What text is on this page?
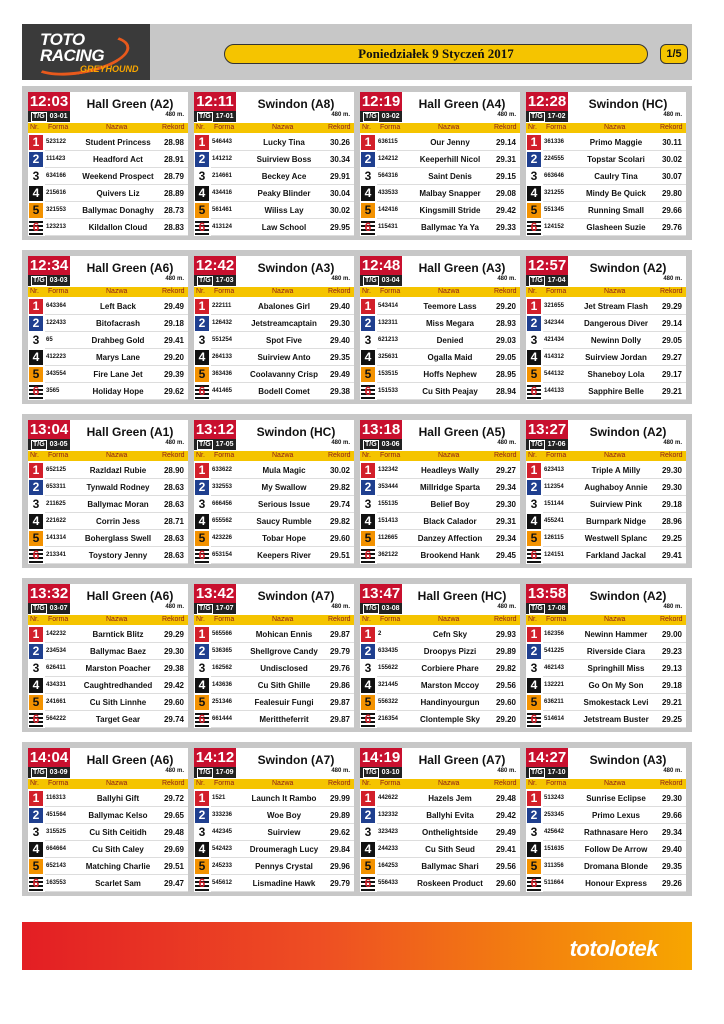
TOTO
RACING
GREYHOUND
Poniedziałek 9 Styczeń 2017	1/5
12:03
T/G 03-01
Hall Green (A2)
480 m.
Nr. Forma	Nazwa	Rekord
1	523122	Student Princess	28.98
2	111423	Headford Act	28.91
3	634166	Weekend Prospect	28.79
4	215616	Quivers Liz	28.89
5	321553	Ballymac Donaghy	28.73
6	123213	Kildallon Cloud	28.83
12:11
T/G 17-01
Swindon (A8)
480 m.
Nr. Forma	Nazwa	Rekord
1	546443	Lucky Tina	30.26
2	141212	Suirview Boss	30.34
3	214661	Beckey Ace	29.91
4	434416	Peaky Blinder	30.04
5	561461	Wiliss Lay	30.02
6	413124	Law School	29.95
12:19
T/G 03-02
Hall Green (A4)
480 m.
Nr. Forma	Nazwa	Rekord
1	636115	Our Jenny	29.14
2	124212	Keeperhill Nicol	29.31
3	564316	Saint Denis	29.15
4	433533	Malbay Snapper	29.08
5	142416	Kingsmill Stride	29.42
6	115431	Ballymac Ya Ya	29.33
12:28
T/G 17-02
Swindon (HC)
480 m.
Nr. Forma	Nazwa	Rekord
1	361336	Primo Maggie	30.11
2	224555	Topstar Scolari	30.02
3	663646	Caulry Tina	30.07
4	321255	Mindy Be Quick	29.80
5	551345	Running Small	29.66
6	124152	Glasheen Suzie	29.76
12:34
T/G 03-03
Hall Green (A6)
480 m.
Nr. Forma	Nazwa	Rekord
1	643364	Left Back	29.49
2	122433	Bitofacrash	29.18
3	65	Drahbeg Gold	29.41
4	412223	Marys Lane	29.20
5	343554	Fire Lane Jet	29.39
6	3565	Holiday Hope	29.62
12:42
T/G 17-03
Swindon (A3)
480 m.
Nr. Forma	Nazwa	Rekord
1	222111	Abalones Girl	29.40
2	126432	Jetstreamcaptain	29.30
3	551254	Spot Five	29.40
4	264133	Suirview Anto	29.35
5	363436	Coolavanny Crisp	29.49
6	441465	Bodell Comet	29.38
12:48
T/G 03-04
Hall Green (A3)
480 m.
Nr. Forma	Nazwa	Rekord
1	543414	Teemore Lass	29.20
2	132311	Miss Megara	28.93
3	621213	Denied	29.03
4	325631	Ogalla Maid	29.05
5	153515	Hoffs Nephew	28.95
6	151533	Cu Sith Peajay	28.94
12:57
T/G 17-04
Swindon (A2)
480 m.
Nr. Forma	Nazwa	Rekord
1	321655	Jet Stream Flash	29.29
2	342344	Dangerous Diver	29.14
3	421434	Newinn Dolly	29.05
4	414312	Suirview Jordan	29.27
5	544132	Shaneboy Lola	29.17
6	144133	Sapphire Belle	29.21
13:04
T/G 03-05
Hall Green (A1)
480 m.
Nr. Forma	Nazwa	Rekord
1	652125	Razldazl Rubie	28.90
2	653311	Tynwald Rodney	28.63
3	211625	Ballymac Moran	28.63
4	221622	Corrin Jess	28.71
5	141314	Boherglass Swell	28.63
6	213341	Toystory Jenny	28.63
13:12
T/G 17-05
Swindon (HC)
480 m.
Nr. Forma	Nazwa	Rekord
1	633622	Mula Magic	30.02
2	332553	My Swallow	29.82
3	666456	Serious Issue	29.74
4	655562	Saucy Rumble	29.82
5	423226	Tobar Hope	29.60
6	653154	Keepers River	29.51
13:18
T/G 03-06
Hall Green (A5)
480 m.
Nr. Forma	Nazwa	Rekord
1	132342	Headleys Wally	29.27
2	353444	Millridge Sparta	29.34
3	155135	Belief Boy	29.30
4	151413	Black Calador	29.31
5	112665	Danzey Affection	29.34
6	362122	Brookend Hank	29.45
13:27
T/G 17-06
Swindon (A2)
480 m.
Nr. Forma	Nazwa	Rekord
1	623413	Triple A Milly	29.30
2	112354	Aughaboy Annie	29.30
3	151144	Suirview Pink	29.18
4	455241	Burnpark Nidge	28.96
5	126115	Westwell Splanc	29.25
6	124151	Farkland Jackal	29.41
13:32
T/G 03-07
Hall Green (A6)
480 m.
Nr. Forma	Nazwa	Rekord
1	142232	Barntick Blitz	29.29
2	234534	Ballymac Baez	29.30
3	626411	Marston Poacher	29.38
4	434331	Caughtredhanded	29.42
5	241661	Cu Sith Linnhe	29.60
6	564222	Target Gear	29.74
13:42
T/G 17-07
Swindon (A7)
480 m.
Nr. Forma	Nazwa	Rekord
1	565566	Mohican Ennis	29.87
2	536365	Shellgrove Candy	29.79
3	162562	Undisclosed	29.76
4	143636	Cu Sith Ghille	29.86
5	251346	Fealesuir Fungi	29.87
6	661444	Merittheferrit	29.87
13:47
T/G 03-08
Hall Green (HC)
480 m.
Nr. Forma	Nazwa	Rekord
1	2	Cefn Sky	29.93
2	633435	Droopys Pizzi	29.89
3	155622	Corbiere Phare	29.82
4	321445	Marston Mccoy	29.56
5	556322	Handinyourgun	29.60
6	216354	Clontemple Sky	29.20
13:58
T/G 17-08
Swindon (A2)
480 m.
Nr. Forma	Nazwa	Rekord
1	162356	Newinn Hammer	29.00
2	541225	Riverside Ciara	29.23
3	462143	Springhill Miss	29.13
4	132221	Go On My Son	29.18
5	636211	Smokestack Levi	29.21
6	514614	Jetstream Buster	29.25
14:04
T/G 03-09
Hall Green (A6)
480 m.
Nr. Forma	Nazwa	Rekord
1	116313	Ballyhi Gift	29.72
2	451564	Ballymac Kelso	29.65
3	315525	Cu Sith Ceitidh	29.48
4	664664	Cu Sith Caley	29.69
5	652143	Matching Charlie	29.51
6	163553	Scarlet Sam	29.47
14:12
T/G 17-09
Swindon (A7)
480 m.
Nr. Forma	Nazwa	Rekord
1	1521	Launch It Rambo	29.99
2	333236	Woe Boy	29.89
3	442345	Suirview	29.62
4	542423	Droumeragh Lucy	29.84
5	245233	Pennys Crystal	29.96
6	545612	Lismadine Hawk	29.79
14:19
T/G 03-10
Hall Green (A7)
480 m.
Nr. Forma	Nazwa	Rekord
1	442622	Hazels Jem	29.48
2	132332	Ballyhi Evita	29.42
3	323423	Onthelightside	29.49
4	244233	Cu Sith Seud	29.41
5	164253	Ballymac Shari	29.56
6	556433	Roskeen Product	29.60
14:27
T/G 17-10
Swindon (A3)
480 m.
Nr. Forma	Nazwa	Rekord
1	513243	Sunrise Eclipse	29.30
2	253345	Primo Lexus	29.66
3	425642	Rathnasare Hero	29.34
4	151635	Follow De Arrow	29.40
5	311356	Dromana Blonde	29.35
6	511664	Honour Express	29.26
totolotek
